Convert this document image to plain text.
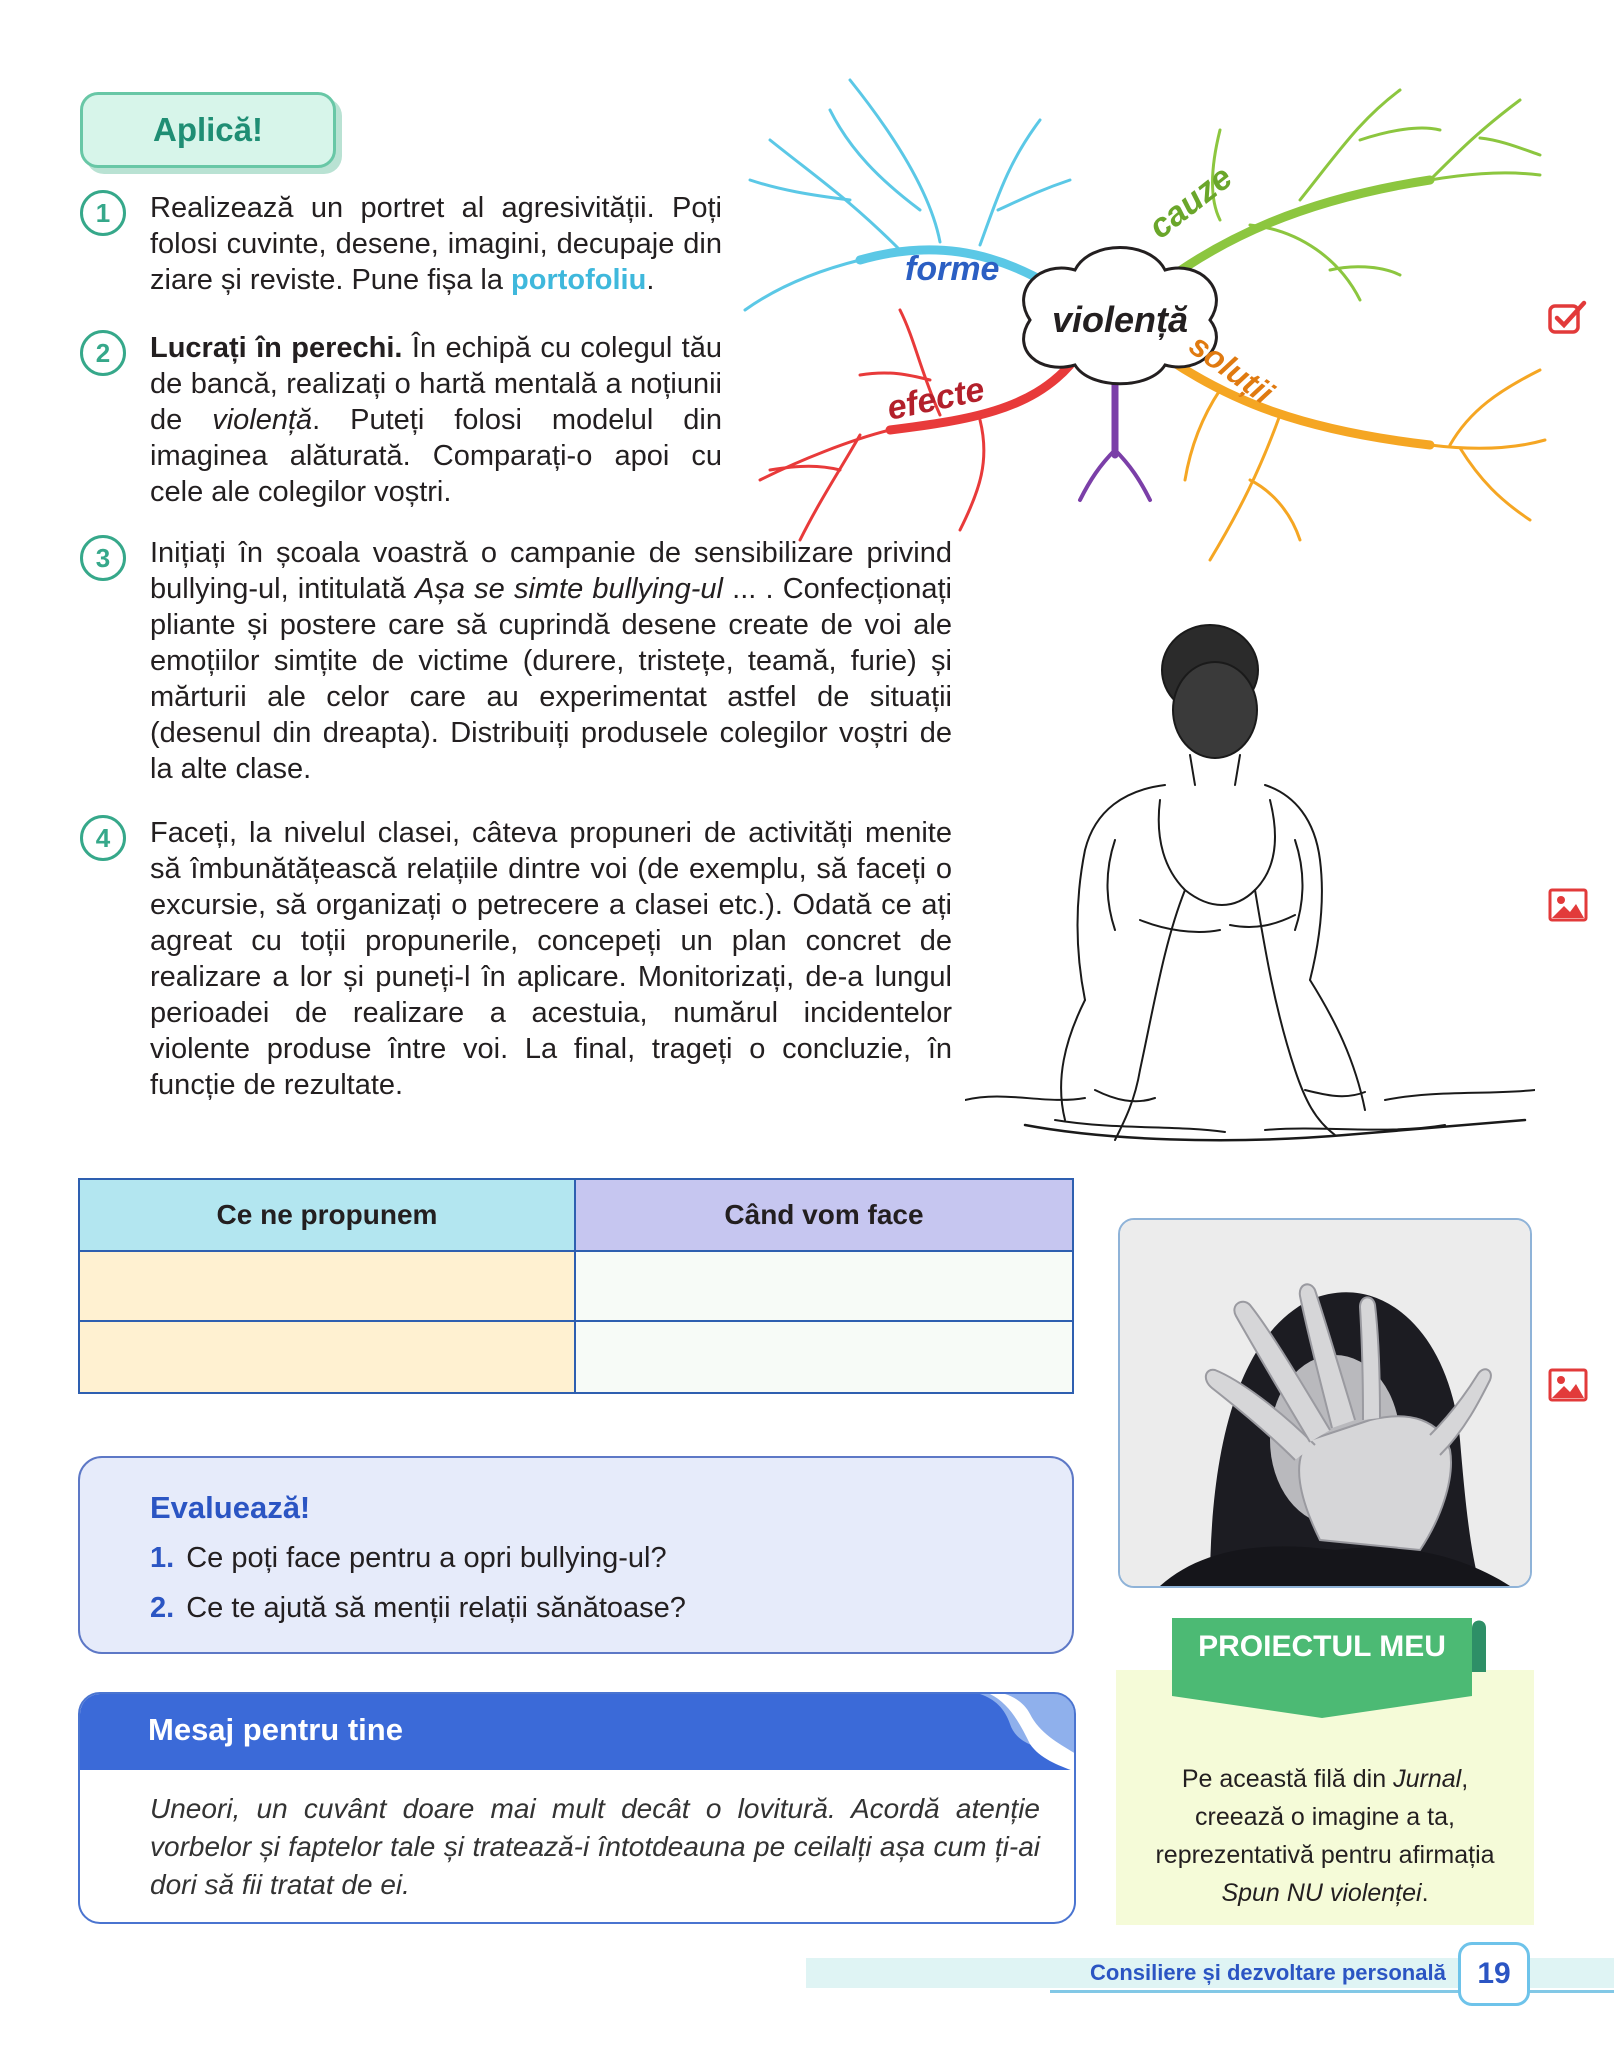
Aplică!
1 Realizează un portret al agresivității. Poți folosi cuvinte, desene, imagini, decupaje din ziare și reviste. Pune fișa la portofoliu.
2 Lucrați în perechi. În echipă cu colegul tău de bancă, realizați o hartă mentală a noțiunii de violență. Puteți folosi modelul din imaginea alăturată. Comparați-o apoi cu cele ale colegilor voștri.
3 Inițiați în școala voastră o campanie de sensibilizare privind bullying-ul, intitulată Așa se simte bullying-ul ... . Confecționați pliante și postere care să cuprindă desene create de voi ale emoțiilor simțite de victime (durere, tristețe, teamă, furie) și mărturii ale celor care au experimentat astfel de situații (desenul din dreapta). Distribuiți produsele colegilor voștri de la alte clase.
4 Faceți, la nivelul clasei, câteva propuneri de activități menite să îmbunătățească relațiile dintre voi (de exemplu, să faceți o excursie, să organizați o petrecere a clasei etc.). Odată ce ați agreat cu toții propunerile, concepeți un plan concret de realizare a lor și puneți-l în aplicare. Monitorizați, de-a lungul perioadei de realizare a acestuia, numărul incidentelor violente produse între voi. La final, trageți o concluzie, în funcție de rezultate.
violență
forme
cauze
efecte	soluții
Ce ne propunem	Când vom face
Evaluează!
1. Ce poți face pentru a opri bullying-ul?
2. Ce te ajută să menții relații sănătoase?
Mesaj pentru tine
Uneori, un cuvânt doare mai mult decât o lovitură. Acordă atenție vorbelor și faptelor tale și tratează-i întotdeauna pe ceilalți așa cum ți-ai dori să fii tratat de ei.
PROIECTUL MEU
Pe această filă din Jurnal, creează o imagine a ta, reprezentativă pentru afirmația Spun NU violenței.
Consiliere și dezvoltare personală 19
